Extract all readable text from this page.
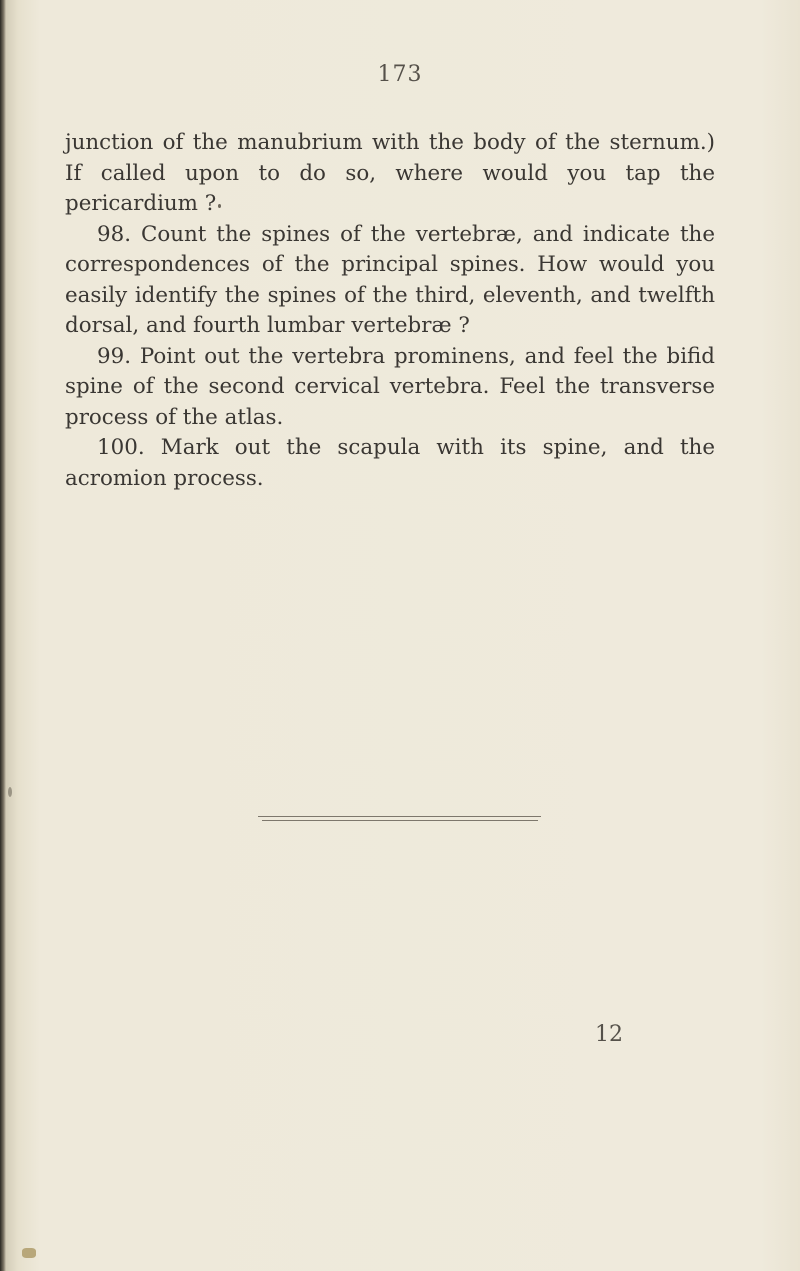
173

junction of the manubrium with the body of the sternum.) If called upon to do so, where would you tap the pericardium ?

98. Count the spines of the vertebræ, and indicate the correspondences of the principal spines. How would you easily identify the spines of the third, eleventh, and twelfth dorsal, and fourth lumbar vertebræ ?

99. Point out the vertebra prominens, and feel the bifid spine of the second cervical vertebra. Feel the transverse process of the atlas.

100. Mark out the scapula with its spine, and the acromion process.

12
